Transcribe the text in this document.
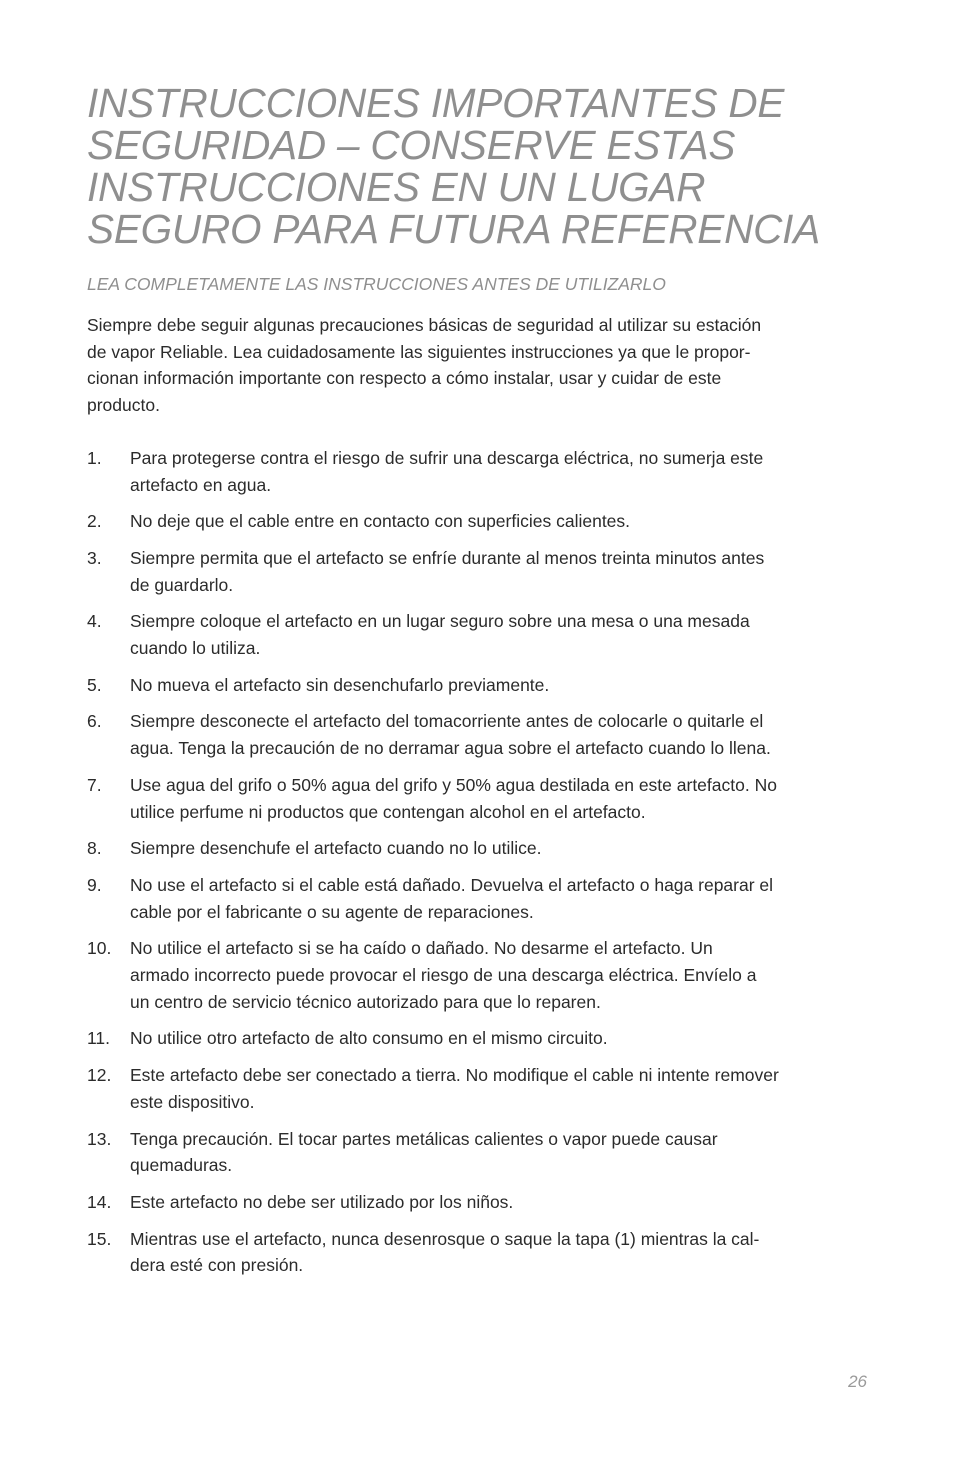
INSTRUCCIONES IMPORTANTES DE
SEGURIDAD – CONSERVE ESTAS
INSTRUCCIONES EN UN LUGAR
SEGURO PARA FUTURA REFERENCIA

LEA COMPLETAMENTE LAS INSTRUCCIONES ANTES DE UTILIZARLO

Siempre debe seguir algunas precauciones básicas de seguridad al utilizar su estación
de vapor Reliable. Lea cuidadosamente las siguientes instrucciones ya que le propor-
cionan información importante con respecto a cómo instalar, usar y cuidar de este
producto.

1.	Para protegerse contra el riesgo de sufrir una descarga eléctrica, no sumerja este
artefacto en agua.
2.	No deje que el cable entre en contacto con superficies calientes.
3.	Siempre permita que el artefacto se enfríe durante al menos treinta minutos antes
de guardarlo.
4.	Siempre coloque el artefacto en un lugar seguro sobre una mesa o una mesada
cuando lo utiliza.
5.	No mueva el artefacto sin desenchufarlo previamente.
6.	Siempre desconecte el artefacto del tomacorriente antes de colocarle o quitarle el
agua. Tenga la precaución de no derramar agua sobre el artefacto cuando lo llena.
7.	Use agua del grifo o 50% agua del grifo y 50% agua destilada en este artefacto. No
utilice perfume ni productos que contengan alcohol en el artefacto.
8.	Siempre desenchufe el artefacto cuando no lo utilice.
9.	No use el artefacto si el cable está dañado. Devuelva el artefacto o haga reparar el
cable por el fabricante o su agente de reparaciones.
10.	No utilice el artefacto si se ha caído o dañado. No desarme el artefacto. Un
armado incorrecto puede provocar el riesgo de una descarga eléctrica. Envíelo a
un centro de servicio técnico autorizado para que lo reparen.
11.	No utilice otro artefacto de alto consumo en el mismo circuito.
12.	Este artefacto debe ser conectado a tierra. No modifique el cable ni intente remover
este dispositivo.
13.	Tenga precaución. El tocar partes metálicas calientes o vapor puede causar
quemaduras.
14.	Este artefacto no debe ser utilizado por los niños.
15.	Mientras use el artefacto, nunca desenrosque o saque la tapa (1) mientras la cal-
dera esté con presión.
26
